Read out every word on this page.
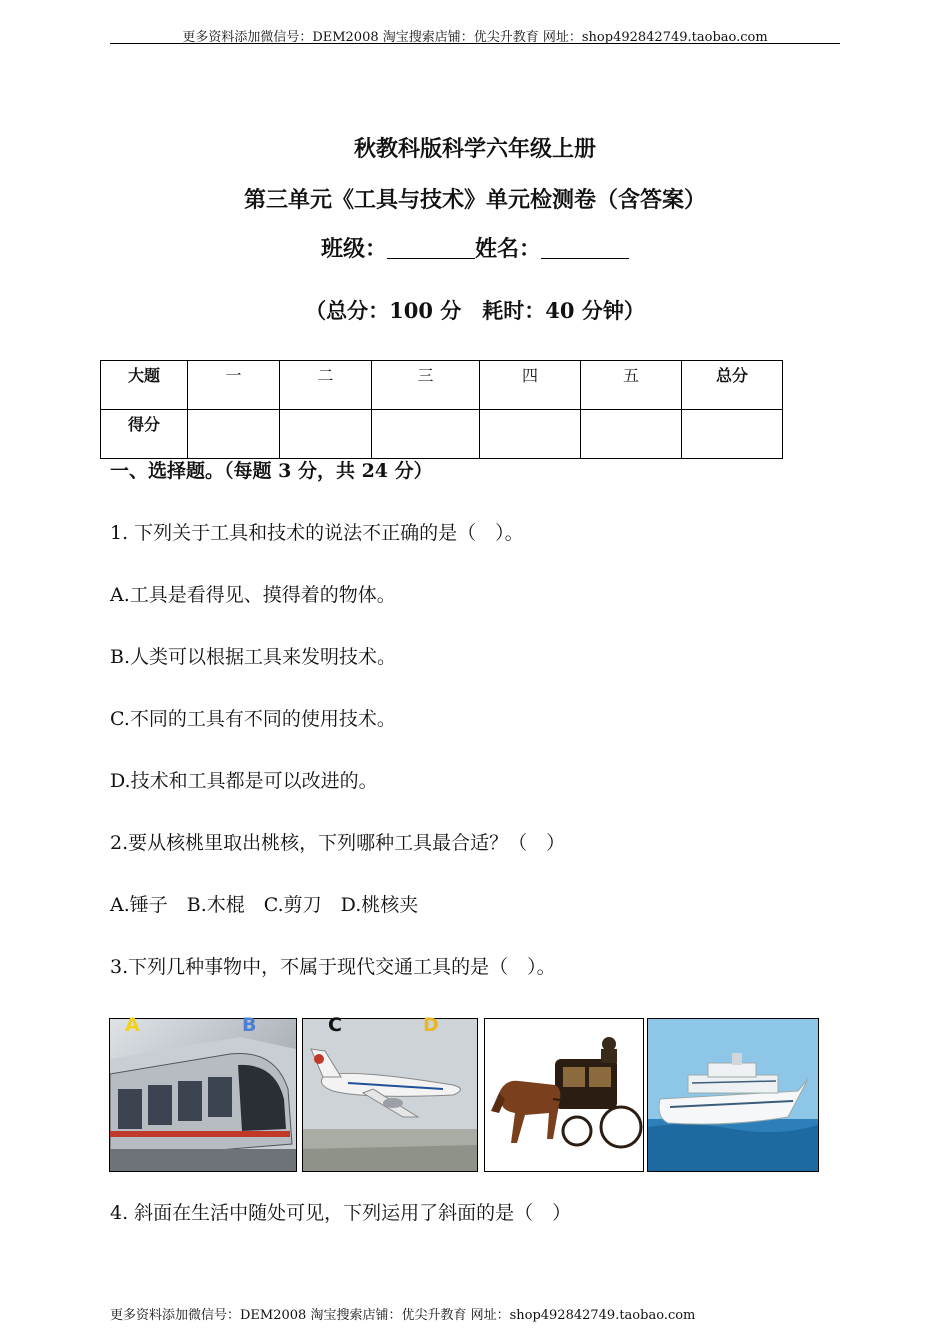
更多资料添加微信号：DEM2008 淘宝搜索店铺：优尖升教育 网址：shop492842749.taobao.com
秋教科版科学六年级上册
第三单元《工具与技术》单元检测卷（含答案）
班级：	姓名：
（总分：100 分　耗时：40 分钟）
大题	一	二	三	四	五	总分
得分						
一、选择题。（每题 3 分，共 24 分）
1. 下列关于工具和技术的说法不正确的是（　）。
A.工具是看得见、摸得着的物体。
B.人类可以根据工具来发明技术。
C.不同的工具有不同的使用技术。
D.技术和工具都是可以改进的。
2.要从核桃里取出桃核，下列哪种工具最合适？（　）
A.锤子　B.木棍　C.剪刀　D.桃核夹
3.下列几种事物中，不属于现代交通工具的是（　）。
A	B	C	D
4. 斜面在生活中随处可见，下列运用了斜面的是（　）
更多资料添加微信号：DEM2008 淘宝搜索店铺：优尖升教育 网址：shop492842749.taobao.com
